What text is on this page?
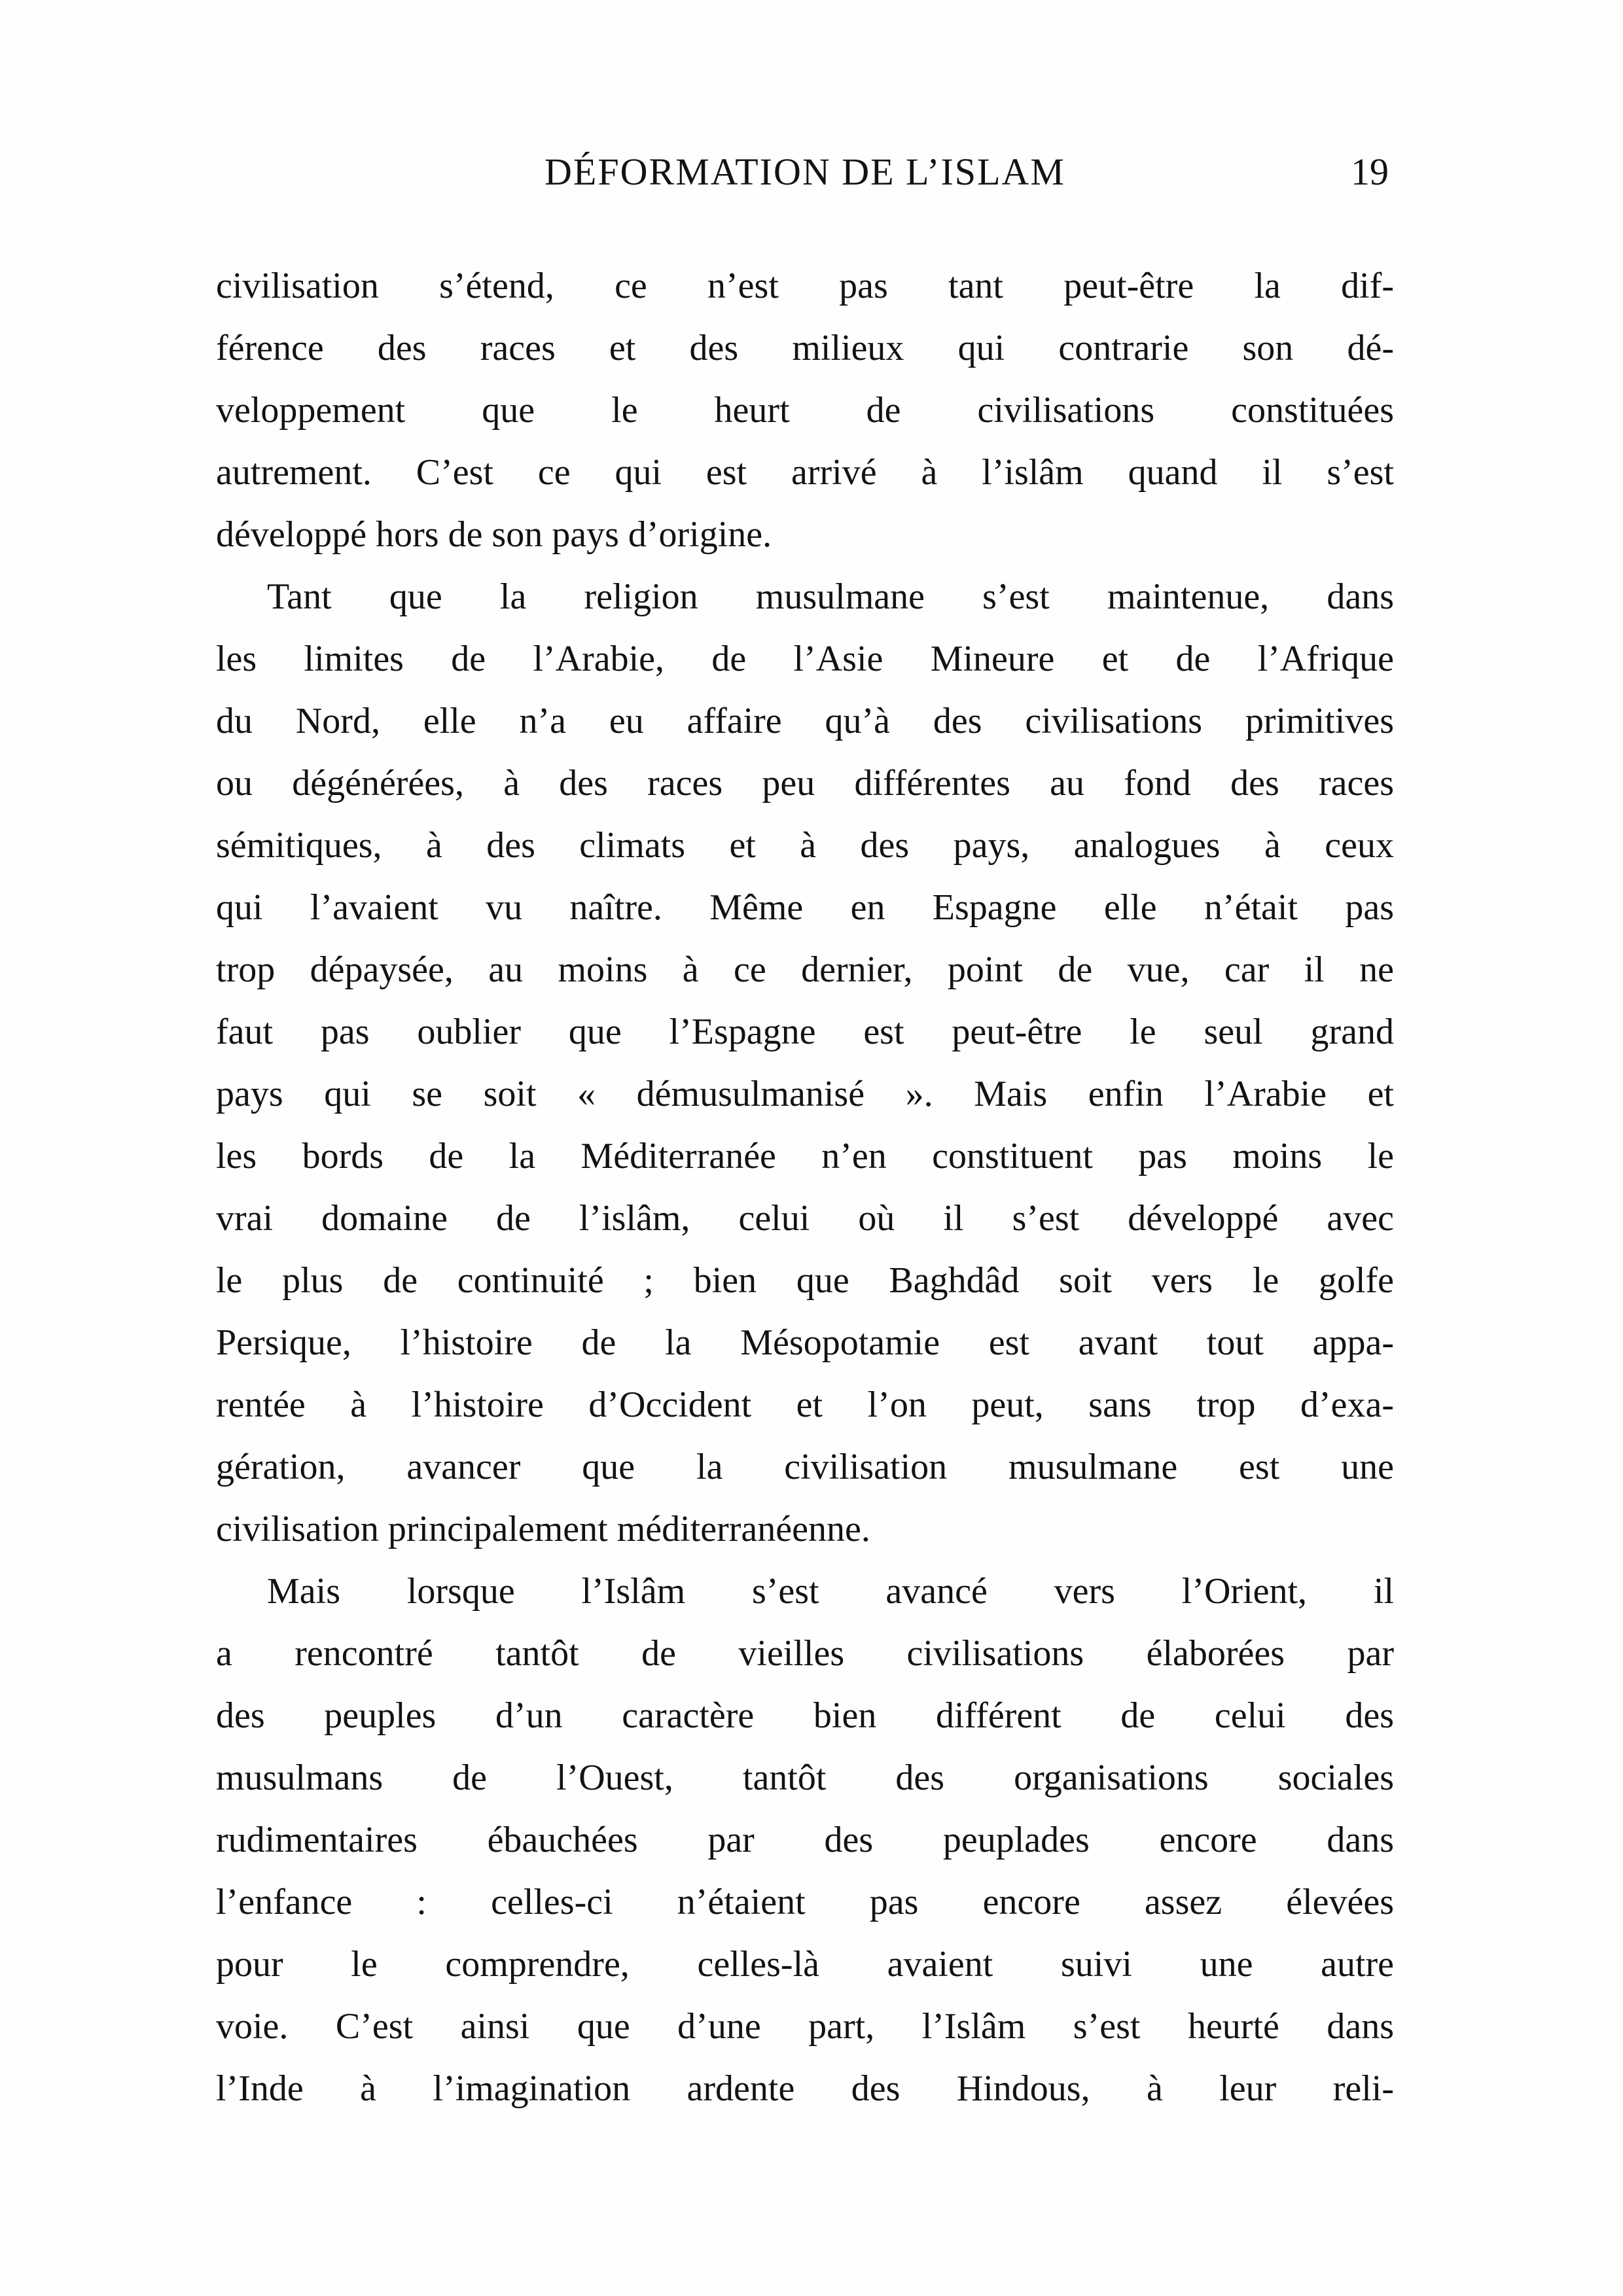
DÉFORMATION DE L’ISLAM	19
civilisation s’étend, ce n’est pas tant peut-être la dif-
férence des races et des milieux qui contrarie son dé-
veloppement que le heurt de civilisations constituées
autrement. C’est ce qui est arrivé à l’islâm quand il s’est
développé hors de son pays d’origine.
Tant que la religion musulmane s’est maintenue, dans
les limites de l’Arabie, de l’Asie Mineure et de l’Afrique
du Nord, elle n’a eu affaire qu’à des civilisations primitives
ou dégénérées, à des races peu différentes au fond des races
sémitiques, à des climats et à des pays, analogues à ceux
qui l’avaient vu naître. Même en Espagne elle n’était pas
trop dépaysée, au moins à ce dernier, point de vue, car il ne
faut pas oublier que l’Espagne est peut-être le seul grand
pays qui se soit « démusulmanisé ». Mais enfin l’Arabie et
les bords de la Méditerranée n’en constituent pas moins le
vrai domaine de l’islâm, celui où il s’est développé avec
le plus de continuité ; bien que Baghdâd soit vers le golfe
Persique, l’histoire de la Mésopotamie est avant tout appa-
rentée à l’histoire d’Occident et l’on peut, sans trop d’exa-
gération, avancer que la civilisation musulmane est une
civilisation principalement méditerranéenne.
Mais lorsque l’Islâm s’est avancé vers l’Orient, il
a rencontré tantôt de vieilles civilisations élaborées par
des peuples d’un caractère bien différent de celui des
musulmans de l’Ouest, tantôt des organisations sociales
rudimentaires ébauchées par des peuplades encore dans
l’enfance : celles-ci n’étaient pas encore assez élevées
pour le comprendre, celles-là avaient suivi une autre
voie. C’est ainsi que d’une part, l’Islâm s’est heurté dans
l’Inde à l’imagination ardente des Hindous, à leur reli-
